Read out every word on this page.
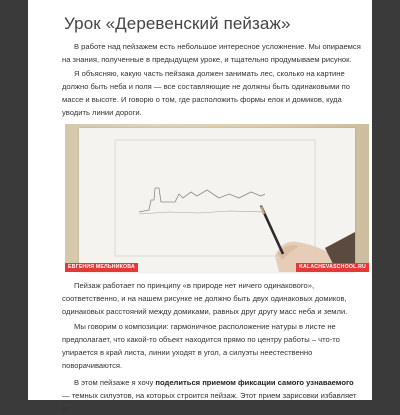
Урок «Деревенский пейзаж»

В работе над пейзажем есть небольшое интересное усложнение. Мы опираемся на знания, полученные в предыдущем уроке, и тщательно продумываем рисунок.

Я объясняю, какую часть пейзажа должен занимать лес, сколько на картине должно быть неба и поля — все составляющие не должны быть одинаковыми по массе и высоте. И говорю о том, где расположить формы елок и домиков, куда уводить линии дороги.

ЕВГЕНИЯ МЕЛЬНИКОВА	KALACHEVASCHOOL.RU

Пейзаж работает по принципу «в природе нет ничего одинакового», соответственно, и на нашем рисунке не должно быть двух одинаковых домиков, одинаковых расстояний между домиками, равных друг другу масс неба и земли.

Мы говорим о композиции: гармоничное расположение натуры в листе не предполагает, что какой-то объект находится прямо по центру работы – что-то упирается в край листа, линии уходят в угол, а силуэты неестественно поворачиваются.

В этом пейзаже я хочу поделиться приемом фиксации самого узнаваемого — темных силуэтов, на которых строится пейзаж. Этот прием зарисовки избавляет от
